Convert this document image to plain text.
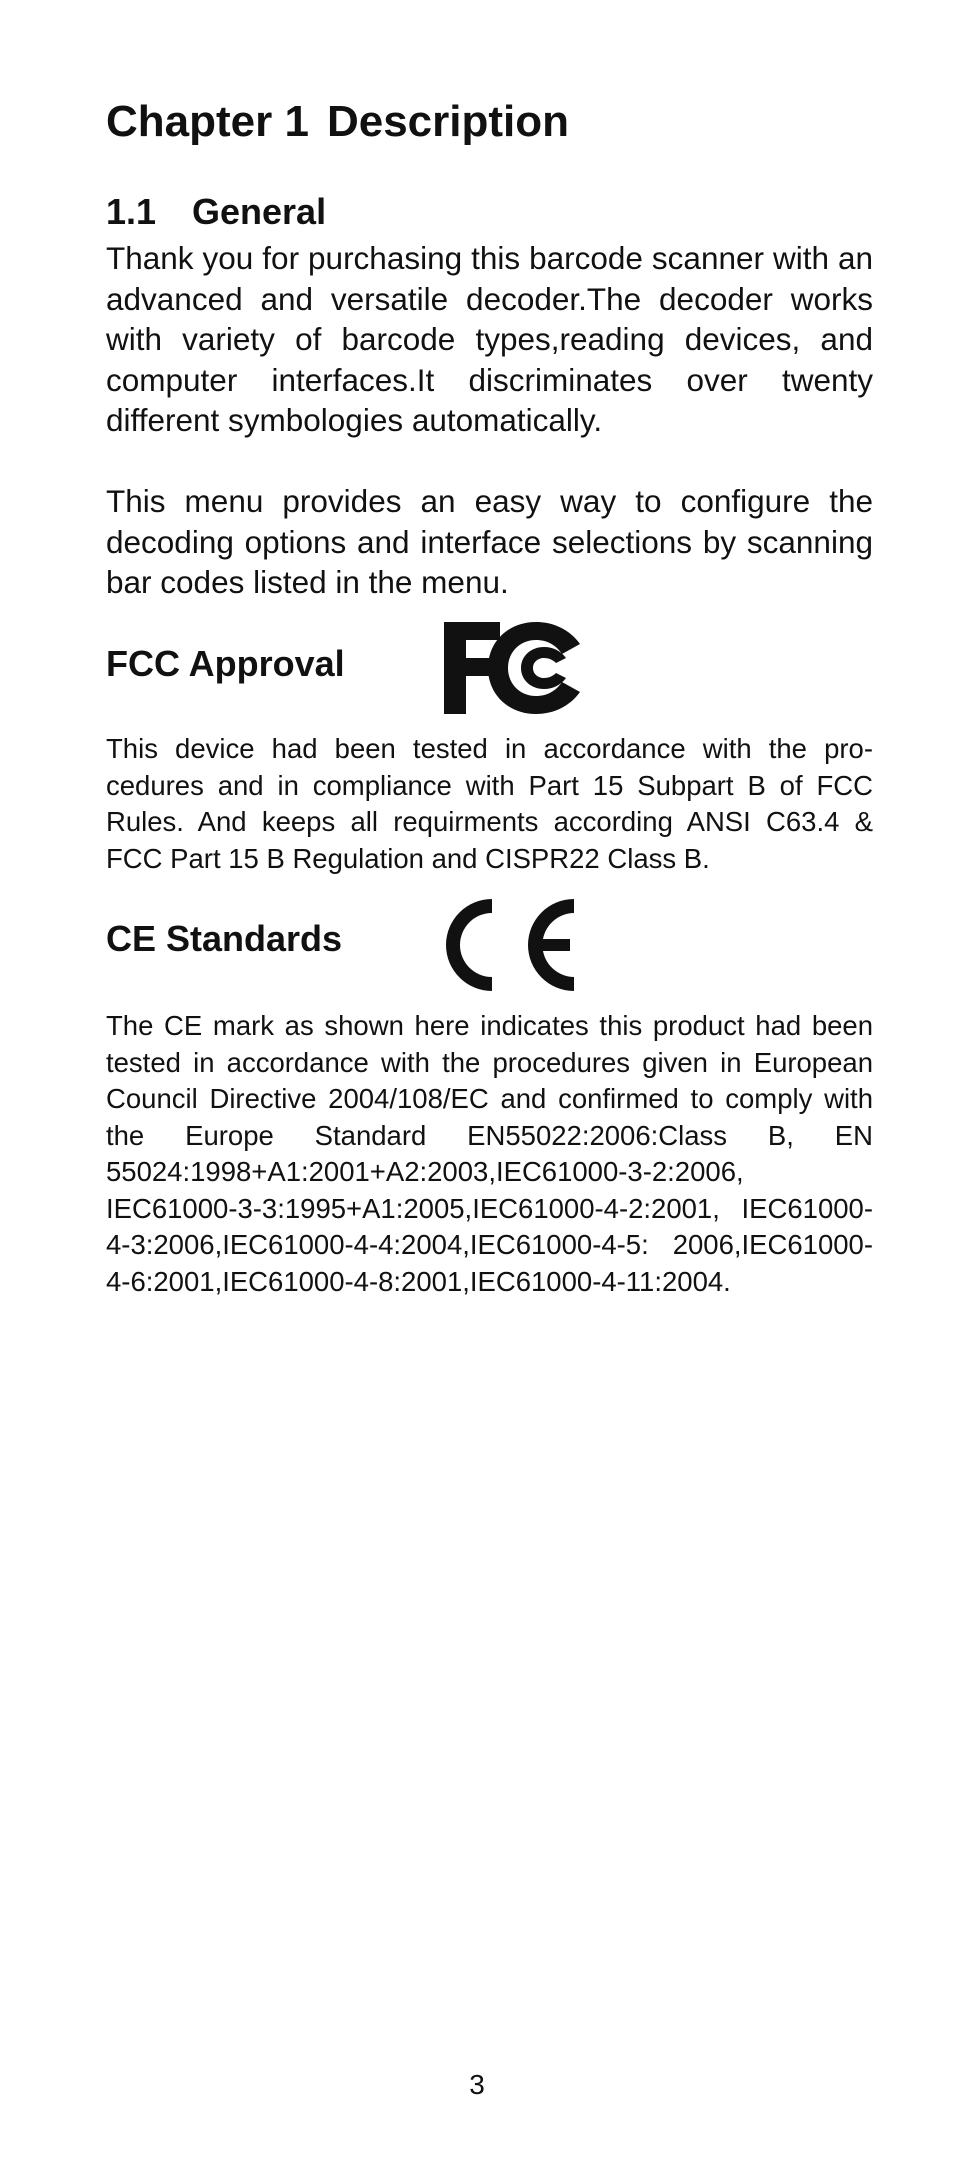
Chapter 1 Description
1.1 General

Thank you for purchasing this barcode scanner with an advanced and versatile decoder.The decoder works with variety of barcode types,reading devices, and computer interfaces.It discriminates over twenty different symbologies automatically.

This menu provides an easy way to configure the decoding options and interface selections by scanning bar codes listed in the menu.

FCC Approval

This device had been tested in accordance with the procedures and in compliance with Part 15 Subpart B of FCC Rules. And keeps all requirments according ANSI C63.4 & FCC Part 15 B Regulation and CISPR22 Class B.

CE Standards

The CE mark as shown here indicates this product had been tested in accordance with the procedures given in European Council Directive 2004/108/EC and confirmed to comply with the Europe Standard EN55022:2006:Class B, EN 55024:1998+A1:2001+A2:2003,IEC61000-3-2:2006, IEC61000-3-3:1995+A1:2005,IEC61000-4-2:2001, IEC61000-4-3:2006,IEC61000-4-4:2004,IEC61000-4-5: 2006,IEC61000-4-6:2001,IEC61000-4-8:2001,IEC61000-4-11:2004.

3
